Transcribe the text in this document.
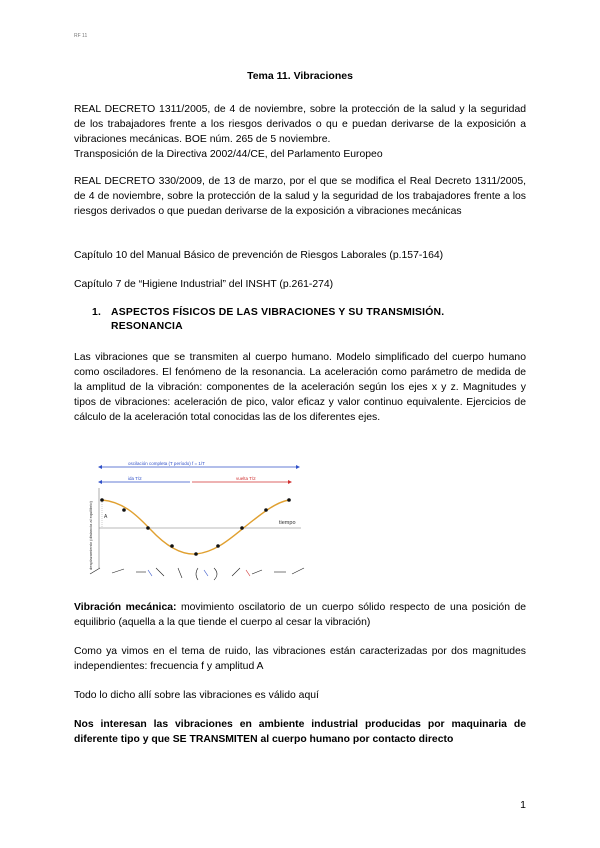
RF 11
Tema 11. Vibraciones

REAL DECRETO 1311/2005, de 4 de noviembre, sobre la protección de la salud y la seguridad de los trabajadores frente a los riesgos derivados o qu e puedan derivarse de la exposición a vibraciones mecánicas. BOE núm. 265 de 5 noviembre.
Transposición de la Directiva 2002/44/CE, del Parlamento Europeo

REAL DECRETO 330/2009, de 13 de marzo, por el que se modifica el Real Decreto 1311/2005, de 4 de noviembre, sobre la protección de la salud y la seguridad de los trabajadores frente a los riesgos derivados o que puedan derivarse de la exposición a vibraciones mecánicas

Capítulo 10 del Manual Básico de prevención de Riesgos Laborales (p.157-164)

Capítulo 7 de “Higiene Industrial” del INSHT (p.261-274)

1. ASPECTOS FÍSICOS DE LAS VIBRACIONES Y SU TRANSMISIÓN.
RESONANCIA

Las vibraciones que se transmiten al cuerpo humano. Modelo simplificado del cuerpo humano como osciladores. El fenómeno de la resonancia. La aceleración como parámetro de medida de la amplitud de la vibración: componentes de la aceleración según los ejes x y z. Magnitudes y tipos de vibraciones: aceleración de pico, valor eficaz y valor continuo equivalente. Ejercicios de cálculo de la aceleración total conocidas las de los diferentes ejes.

oscilación completa (T período) f = 1/T
ida T/2	vuelta T/2
desplazamiento (distancia al equilibrio)	tiempo
A

Vibración mecánica: movimiento oscilatorio de un cuerpo sólido respecto de una posición de equilibrio (aquella a la que tiende el cuerpo al cesar la vibración)

Como ya vimos en el tema de ruido, las vibraciones están caracterizadas por dos magnitudes independientes: frecuencia f y amplitud A

Todo lo dicho allí sobre las vibraciones es válido aquí

Nos interesan las vibraciones en ambiente industrial producidas por maquinaria de diferente tipo y que SE TRANSMITEN al cuerpo humano por contacto directo

1
